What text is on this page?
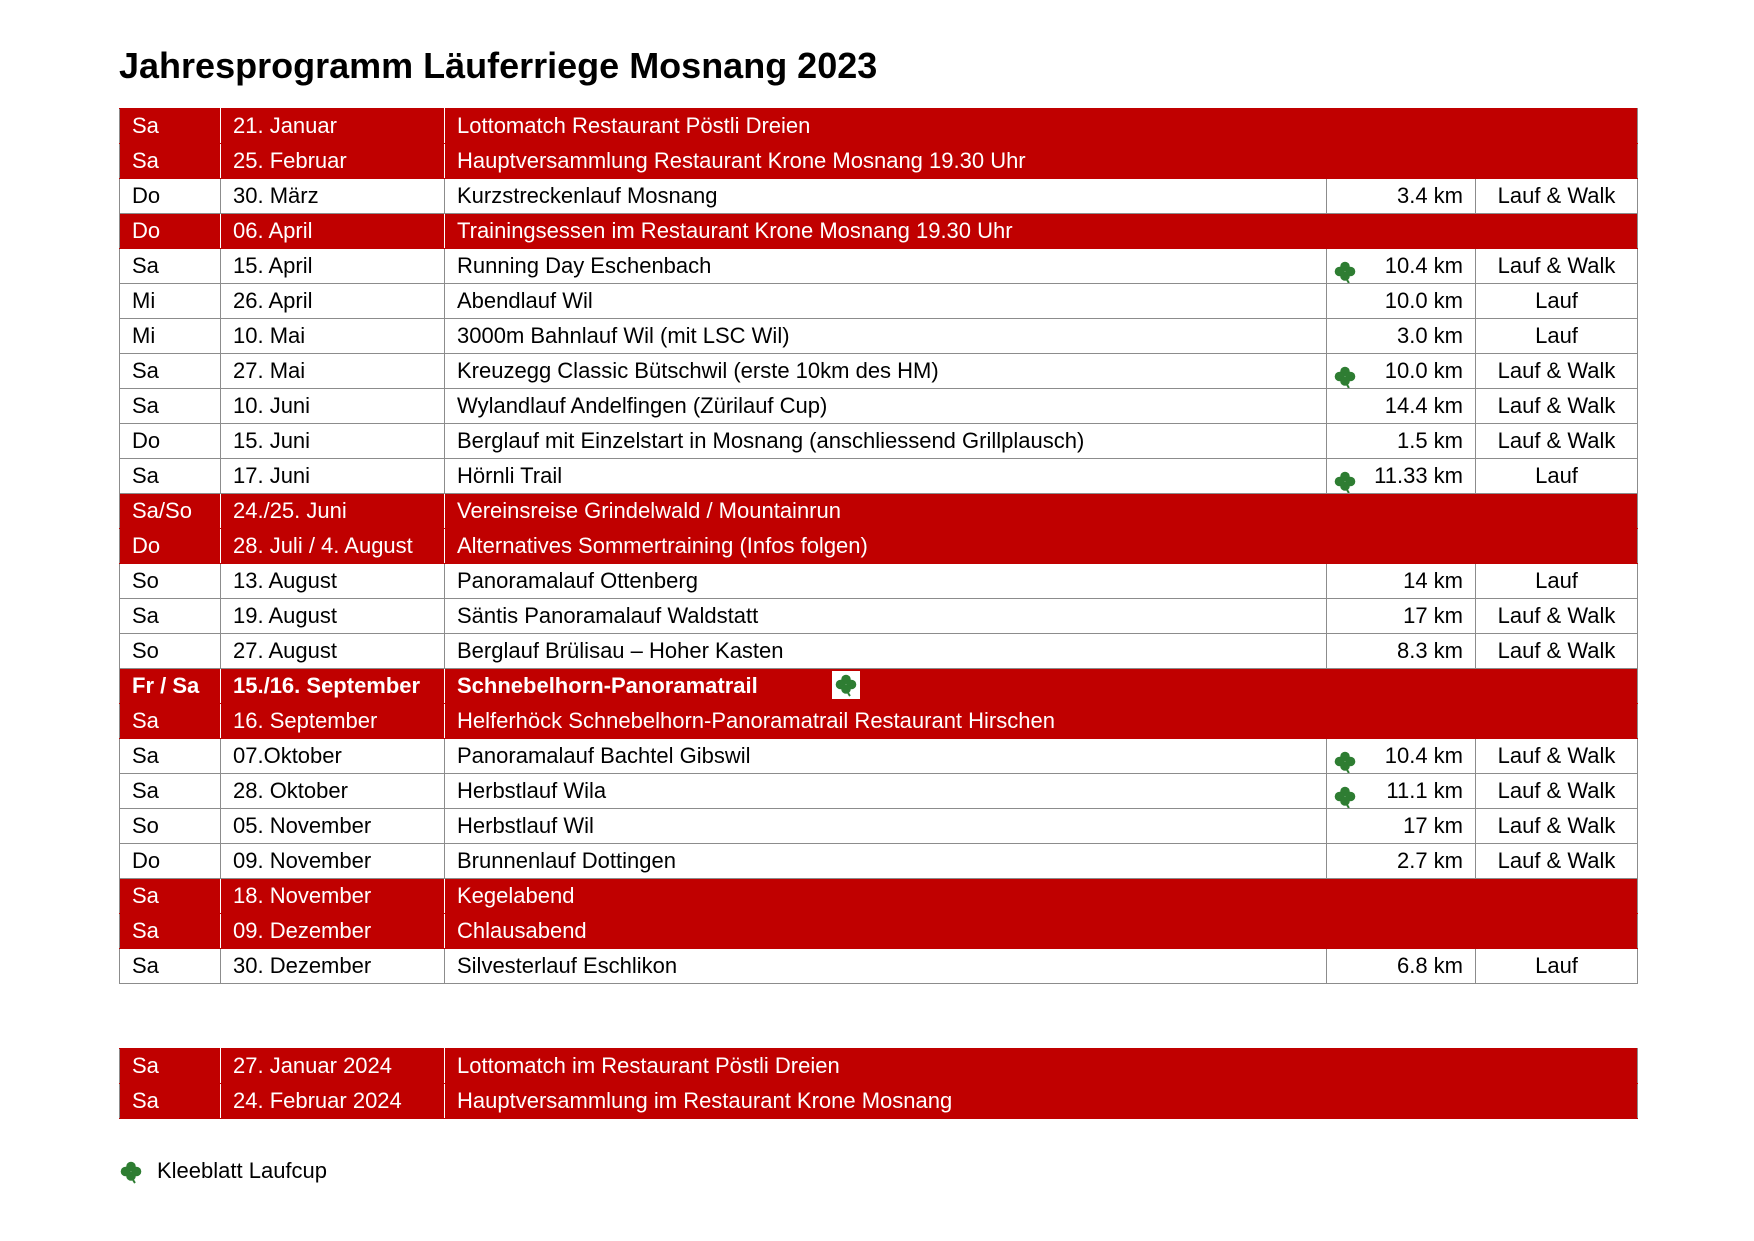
Jahresprogramm Läuferriege Mosnang 2023
Sa	21. Januar	Lottomatch Restaurant Pöstli Dreien		
Sa	25. Februar	Hauptversammlung Restaurant Krone Mosnang 19.30 Uhr		
Do	30. März	Kurzstreckenlauf Mosnang	3.4 km	Lauf & Walk
Do	06. April	Trainingsessen im Restaurant Krone Mosnang 19.30 Uhr		
Sa	15. April	Running Day Eschenbach	10.4 km	Lauf & Walk
Mi	26. April	Abendlauf Wil	10.0 km	Lauf
Mi	10. Mai	3000m Bahnlauf Wil (mit LSC Wil)	3.0 km	Lauf
Sa	27. Mai	Kreuzegg Classic Bütschwil (erste 10km des HM)	10.0 km	Lauf & Walk
Sa	10. Juni	Wylandlauf Andelfingen (Zürilauf Cup)	14.4 km	Lauf & Walk
Do	15. Juni	Berglauf mit Einzelstart in Mosnang (anschliessend Grillplausch)	1.5 km	Lauf & Walk
Sa	17. Juni	Hörnli Trail	11.33 km	Lauf
Sa/So	24./25. Juni	Vereinsreise Grindelwald / Mountainrun		
Do	28. Juli / 4. August	Alternatives Sommertraining (Infos folgen)		
So	13. August	Panoramalauf Ottenberg	14 km	Lauf
Sa	19. August	Säntis Panoramalauf Waldstatt	17 km	Lauf & Walk
So	27. August	Berglauf Brülisau – Hoher Kasten	8.3 km	Lauf & Walk
Fr / Sa	15./16. September	Schnebelhorn-Panoramatrail		

Sa	16. September	Helferhöck Schnebelhorn-Panoramatrail Restaurant Hirschen		
Sa	07.Oktober	Panoramalauf Bachtel Gibswil	10.4 km	Lauf & Walk
Sa	28. Oktober	Herbstlauf Wila	11.1 km	Lauf & Walk
So	05. November	Herbstlauf Wil	17 km	Lauf & Walk
Do	09. November	Brunnenlauf Dottingen	2.7 km	Lauf & Walk
Sa	18. November	Kegelabend		
Sa	09. Dezember	Chlausabend		
Sa	30. Dezember	Silvesterlauf Eschlikon	6.8 km	Lauf
Sa	27. Januar 2024	Lottomatch im Restaurant Pöstli Dreien
Sa	24. Februar 2024	Hauptversammlung im Restaurant Krone Mosnang
Kleeblatt Laufcup
